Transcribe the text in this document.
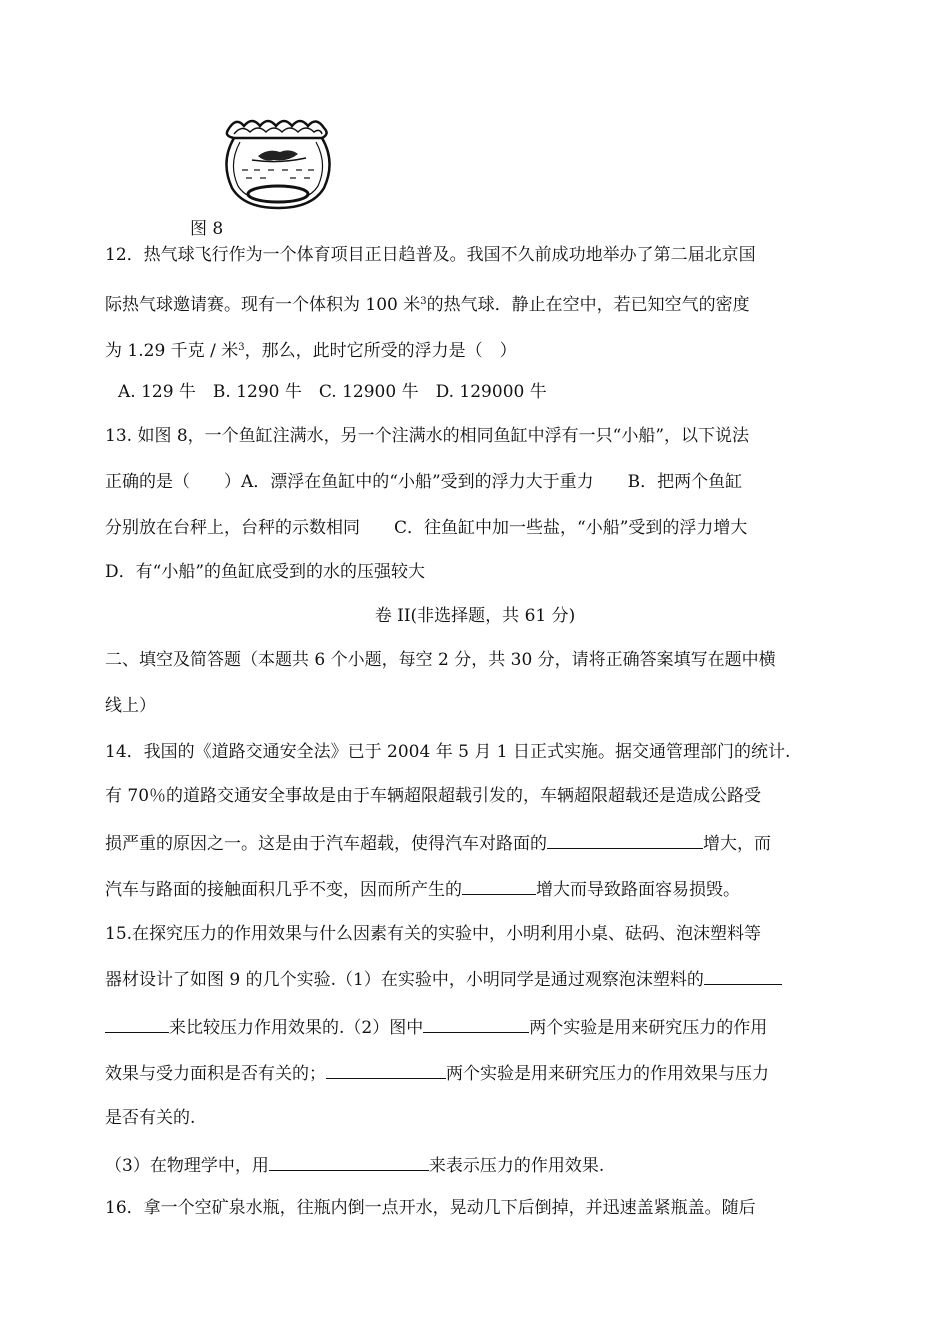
图 8
12．热气球飞行作为一个体育项目正日趋普及。我国不久前成功地举办了第二届北京国
际热气球邀请赛。现有一个体积为 100 米$^3$的热气球．静止在空中，若已知空气的密度
为 1.29 千克 / 米$^3$，那么，此时它所受的浮力是（　）
A. 129 牛　B. 1290 牛　C. 12900 牛　D. 129000 牛
13. 如图 8，一个鱼缸注满水，另一个注满水的相同鱼缸中浮有一只“小船”，以下说法
正确的是（　　）A．漂浮在鱼缸中的“小船”受到的浮力大于重力　　B．把两个鱼缸
分别放在台秤上，台秤的示数相同　　C．往鱼缸中加一些盐，“小船”受到的浮力增大
D．有“小船”的鱼缸底受到的水的压强较大
卷 II(非选择题，共 61 分)
二、填空及简答题（本题共 6 个小题，每空 2 分，共 30 分，请将正确答案填写在题中横
线上）
14．我国的《道路交通安全法》已于 2004 年 5 月 1 日正式实施。据交通管理部门的统计.
有 70％的道路交通安全事故是由于车辆超限超载引发的，车辆超限超载还是造成公路受
损严重的原因之一。这是由于汽车超载，使得汽车对路面的	增大，而
汽车与路面的接触面积几乎不变，因而所产生的	增大而导致路面容易损毁。
15.在探究压力的作用效果与什么因素有关的实验中，小明利用小桌、砝码、泡沫塑料等
器材设计了如图 9 的几个实验.（1）在实验中，小明同学是通过观察泡沫塑料的
来比较压力作用效果的.（2）图中	两个实验是用来研究压力的作用
效果与受力面积是否有关的；	两个实验是用来研究压力的作用效果与压力
是否有关的.
（3）在物理学中，用	来表示压力的作用效果.
16．拿一个空矿泉水瓶，往瓶内倒一点开水，晃动几下后倒掉，并迅速盖紧瓶盖。随后
